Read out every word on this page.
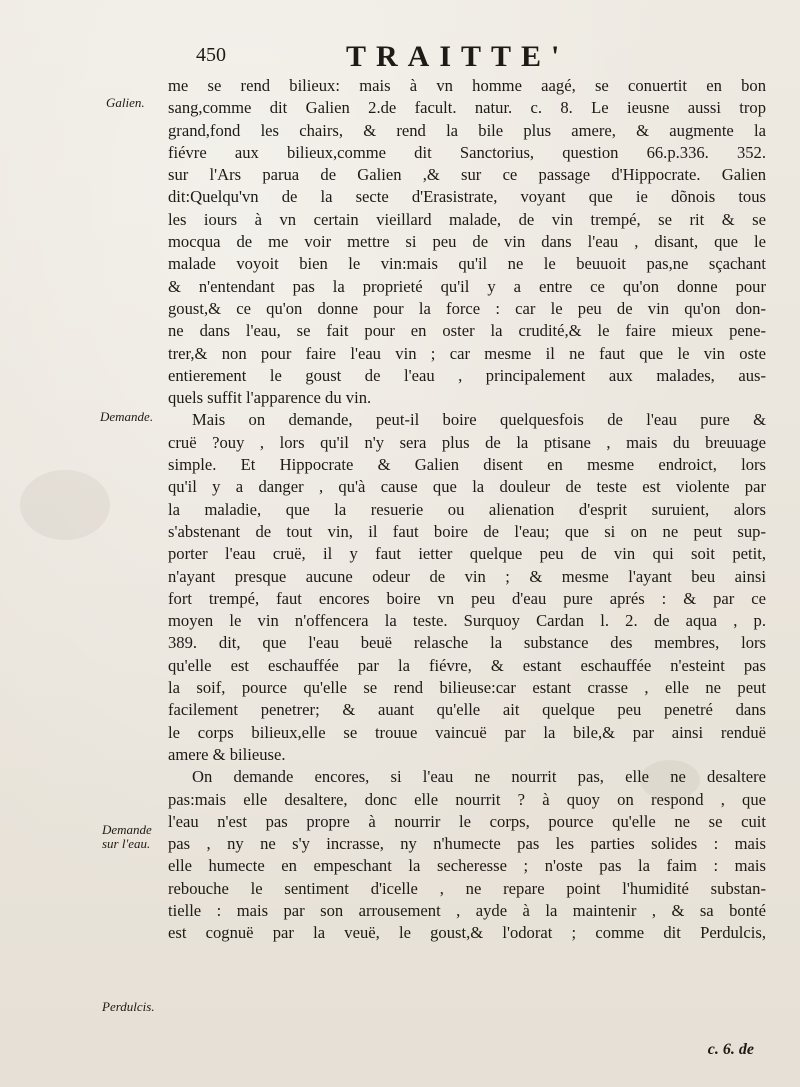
450	TRAITTE'
Galien.
Demande.
Demande
sur l'eau.
Perdulcis.
me se rend bilieux: mais à vn homme aagé, se conuertit en bon
sang,comme dit Galien 2.de facult. natur. c. 8. Le ieusne aussi trop
grand,fond les chairs, & rend la bile plus amere, & augmente la
fiévre aux bilieux,comme dit Sanctorius, question 66.p.336. 352.
sur l'Ars parua de Galien ,& sur ce passage d'Hippocrate. Galien
dit:Quelqu'vn de la secte d'Erasistrate, voyant que ie dõnois tous
les iours à vn certain vieillard malade, de vin trempé, se rit & se
mocqua de me voir mettre si peu de vin dans l'eau , disant, que le
malade voyoit bien le vin:mais qu'il ne le beuuoit pas,ne sçachant
& n'entendant pas la proprieté qu'il y a entre ce qu'on donne pour
goust,& ce qu'on donne pour la force : car le peu de vin qu'on don-
ne dans l'eau, se fait pour en oster la crudité,& le faire mieux pene-
trer,& non pour faire l'eau vin ; car mesme il ne faut que le vin oste
entierement le goust de l'eau , principalement aux malades, aus-
quels suffit l'apparence du vin.
Mais on demande, peut-il boire quelquesfois de l'eau pure &
cruë ?ouy , lors qu'il n'y sera plus de la ptisane , mais du breuuage
simple. Et Hippocrate & Galien disent en mesme endroict, lors
qu'il y a danger , qu'à cause que la douleur de teste est violente par
la maladie, que la resuerie ou alienation d'esprit suruient, alors
s'abstenant de tout vin, il faut boire de l'eau; que si on ne peut sup-
porter l'eau cruë, il y faut ietter quelque peu de vin qui soit petit,
n'ayant presque aucune odeur de vin ; & mesme l'ayant beu ainsi
fort trempé, faut encores boire vn peu d'eau pure aprés : & par ce
moyen le vin n'offencera la teste. Surquoy Cardan l. 2. de aqua , p.
389. dit, que l'eau beuë relasche la substance des membres, lors
qu'elle est eschauffée par la fiévre, & estant eschauffée n'esteint pas
la soif, pource qu'elle se rend bilieuse:car estant crasse , elle ne peut
facilement penetrer; & auant qu'elle ait quelque peu penetré dans
le corps bilieux,elle se trouue vaincuë par la bile,& par ainsi renduë
amere & bilieuse.
On demande encores, si l'eau ne nourrit pas, elle ne desaltere
pas:mais elle desaltere, donc elle nourrit ? à quoy on respond , que
l'eau n'est pas propre à nourrir le corps, pource qu'elle ne se cuit
pas , ny ne s'y incrasse, ny n'humecte pas les parties solides : mais
elle humecte en empeschant la secheresse ; n'oste pas la faim : mais
rebouche le sentiment d'icelle , ne repare point l'humidité substan-
tielle : mais par son arrousement , ayde à la maintenir , & sa bonté
est cognuë par la veuë, le goust,& l'odorat ; comme dit Perdulcis,
c. 6. de
